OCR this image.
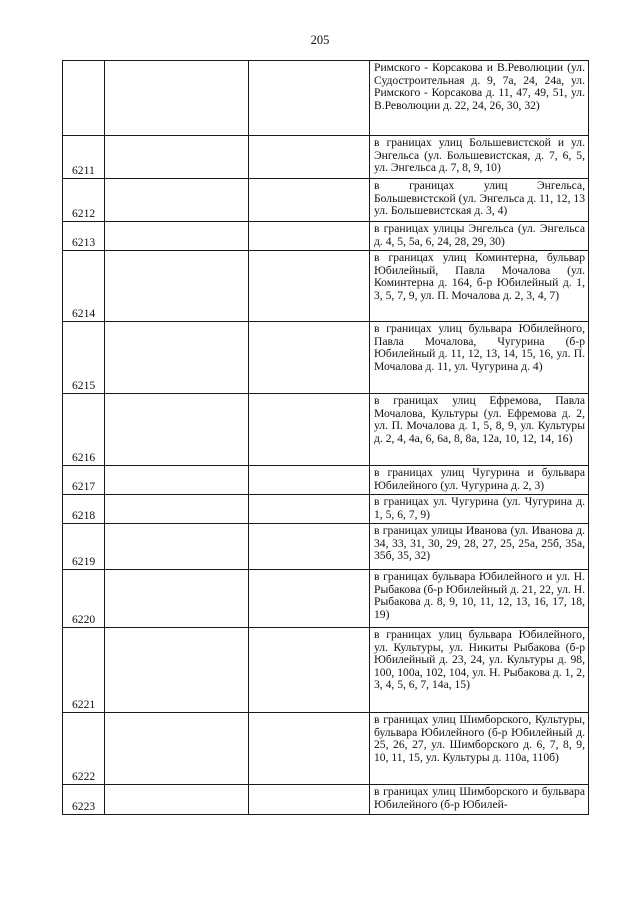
205
			Римского - Корсакова и В.Революции (ул. Судостроительная д. 9, 7а, 24, 24а, ул. Римского - Корсакова д. 11, 47, 49, 51, ул. В.Революции д. 22, 24, 26, 30, 32)
6211			в границах улиц Большевистской и ул. Энгельса (ул. Большевистская, д. 7, 6, 5, ул. Энгельса д. 7, 8, 9, 10)
6212			в границах улиц Энгельса, Большевистской (ул. Энгельса д. 11, 12, 13 ул. Большевистская д. 3, 4)
6213			в границах улицы Энгельса (ул. Энгельса д. 4, 5, 5а, 6, 24, 28, 29, 30)
6214			в границах улиц Коминтерна, бульвар Юбилейный, Павла Мочалова (ул. Коминтерна д. 164, б-р Юбилейный д. 1, 3, 5, 7, 9, ул. П. Мочалова д. 2, 3, 4, 7)
6215			в границах улиц бульвара Юбилейного, Павла Мочалова, Чугурина (б-р Юбилейный д. 11, 12, 13, 14, 15, 16, ул. П. Мочалова д. 11, ул. Чугурина д. 4)
6216			в границах улиц Ефремова, Павла Мочалова, Культуры (ул. Ефремова д. 2, ул. П. Мочалова д. 1, 5, 8, 9, ул. Культуры д. 2, 4, 4а, 6, 6а, 8, 8а, 12а, 10, 12, 14, 16)
6217			в границах улиц Чугурина и бульвара Юбилейного (ул. Чугурина д. 2, 3)
6218			в границах ул. Чугурина (ул. Чугурина д. 1, 5, 6, 7, 9)
6219			в границах улицы Иванова (ул. Иванова д. 34, 33, 31, 30, 29, 28, 27, 25, 25а, 25б, 35а, 35б, 35, 32)
6220			в границах бульвара Юбилейного и ул. Н. Рыбакова (б-р Юбилейный д. 21, 22, ул. Н. Рыбакова д. 8, 9, 10, 11, 12, 13, 16, 17, 18, 19)
6221			в границах улиц бульвара Юбилейного, ул. Культуры, ул. Никиты Рыбакова (б-р Юбилейный д. 23, 24, ул. Культуры д. 98, 100, 100а, 102, 104, ул. Н. Рыбакова д. 1, 2, 3, 4, 5, 6, 7, 14а, 15)
6222			в границах улиц Шимборского, Культуры, бульвара Юбилейного (б-р Юбилейный д. 25, 26, 27, ул. Шимборского д. 6, 7, 8, 9, 10, 11, 15, ул. Культуры д. 110а, 110б)
6223			в границах улиц Шимборского и бульвара Юбилейного (б-р Юбилей-
